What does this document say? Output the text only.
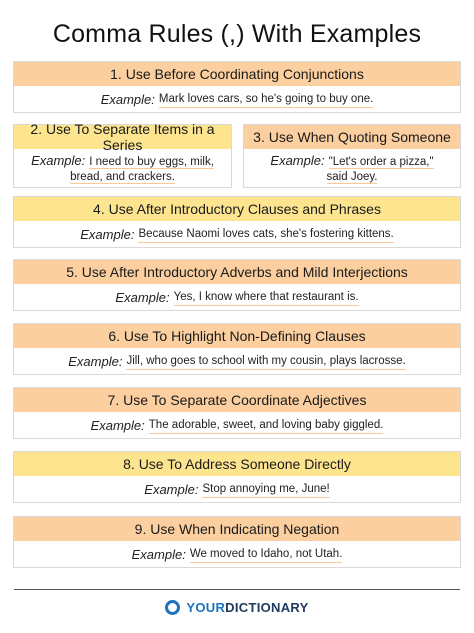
Comma Rules (,) With Examples
1. Use Before Coordinating Conjunctions
Example: Mark loves cars, so he's going to buy one.
2. Use To Separate Items in a Series
Example: I need to buy eggs, milk, bread, and crackers.
3. Use When Quoting Someone
Example: "Let's order a pizza," said Joey.
4. Use After Introductory Clauses and Phrases
Example: Because Naomi loves cats, she's fostering kittens.
5. Use After Introductory Adverbs and Mild Interjections
Example: Yes, I know where that restaurant is.
6. Use To Highlight Non-Defining Clauses
Example: Jill, who goes to school with my cousin, plays lacrosse.
7. Use To Separate Coordinate Adjectives
Example: The adorable, sweet, and loving baby giggled.
8. Use To Address Someone Directly
Example: Stop annoying me, June!
9. Use When Indicating Negation
Example: We moved to Idaho, not Utah.
YOURDICTIONARY
